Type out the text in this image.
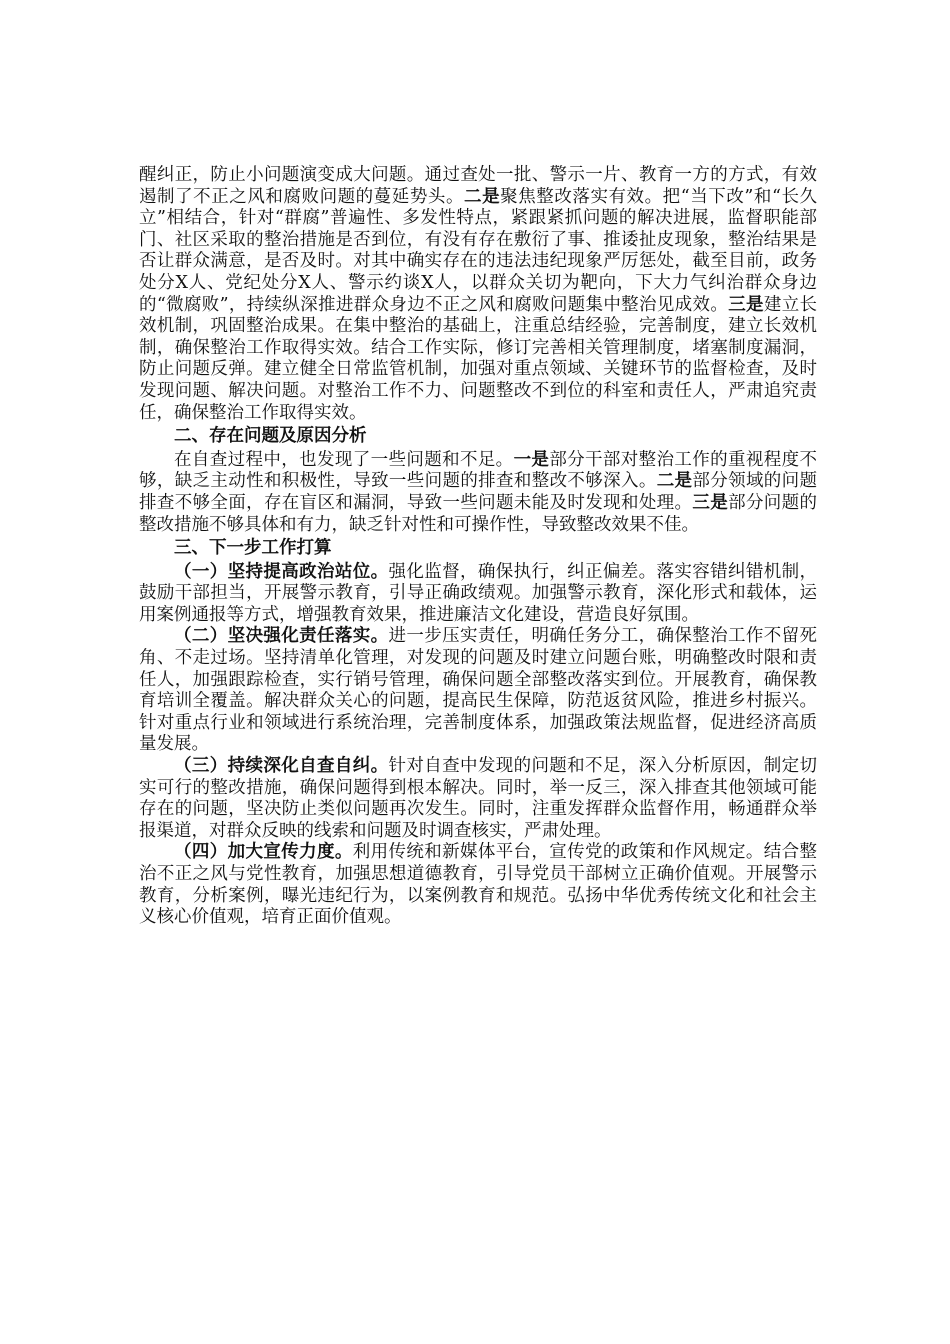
醒纠正，防止小问题演变成大问题。通过查处一批、警示一片、教育一方的方式，有效遏制了不正之风和腐败问题的蔓延势头。二是聚焦整改落实有效。把“当下改”和“长久立”相结合，针对“群腐”普遍性、多发性特点，紧跟紧抓问题的解决进展，监督职能部门、社区采取的整治措施是否到位，有没有存在敷衍了事、推诿扯皮现象，整治结果是否让群众满意，是否及时。对其中确实存在的违法违纪现象严厉惩处，截至目前，政务处分X人、党纪处分X人、警示约谈X人，以群众关切为靶向，下大力气纠治群众身边的“微腐败”，持续纵深推进群众身边不正之风和腐败问题集中整治见成效。三是建立长效机制，巩固整治成果。在集中整治的基础上，注重总结经验，完善制度，建立长效机制，确保整治工作取得实效。结合工作实际，修订完善相关管理制度，堵塞制度漏洞，防止问题反弹。建立健全日常监管机制，加强对重点领域、关键环节的监督检查，及时发现问题、解决问题。对整治工作不力、问题整改不到位的科室和责任人，严肃追究责任，确保整治工作取得实效。

二、存在问题及原因分析

在自查过程中，也发现了一些问题和不足。一是部分干部对整治工作的重视程度不够，缺乏主动性和积极性，导致一些问题的排查和整改不够深入。二是部分领域的问题排查不够全面，存在盲区和漏洞，导致一些问题未能及时发现和处理。三是部分问题的整改措施不够具体和有力，缺乏针对性和可操作性，导致整改效果不佳。

三、下一步工作打算

（一）坚持提高政治站位。强化监督，确保执行，纠正偏差。落实容错纠错机制，鼓励干部担当，开展警示教育，引导正确政绩观。加强警示教育，深化形式和载体，运用案例通报等方式，增强教育效果，推进廉洁文化建设，营造良好氛围。

（二）坚决强化责任落实。进一步压实责任，明确任务分工，确保整治工作不留死角、不走过场。坚持清单化管理，对发现的问题及时建立问题台账，明确整改时限和责任人，加强跟踪检查，实行销号管理，确保问题全部整改落实到位。开展教育，确保教育培训全覆盖。解决群众关心的问题，提高民生保障，防范返贫风险，推进乡村振兴。针对重点行业和领域进行系统治理，完善制度体系，加强政策法规监督，促进经济高质量发展。

（三）持续深化自查自纠。针对自查中发现的问题和不足，深入分析原因，制定切实可行的整改措施，确保问题得到根本解决。同时，举一反三，深入排查其他领域可能存在的问题，坚决防止类似问题再次发生。同时，注重发挥群众监督作用，畅通群众举报渠道，对群众反映的线索和问题及时调查核实，严肃处理。

（四）加大宣传力度。利用传统和新媒体平台，宣传党的政策和作风规定。结合整治不正之风与党性教育，加强思想道德教育，引导党员干部树立正确价值观。开展警示教育，分析案例，曝光违纪行为，以案例教育和规范。弘扬中华优秀传统文化和社会主义核心价值观，培育正面价值观。
